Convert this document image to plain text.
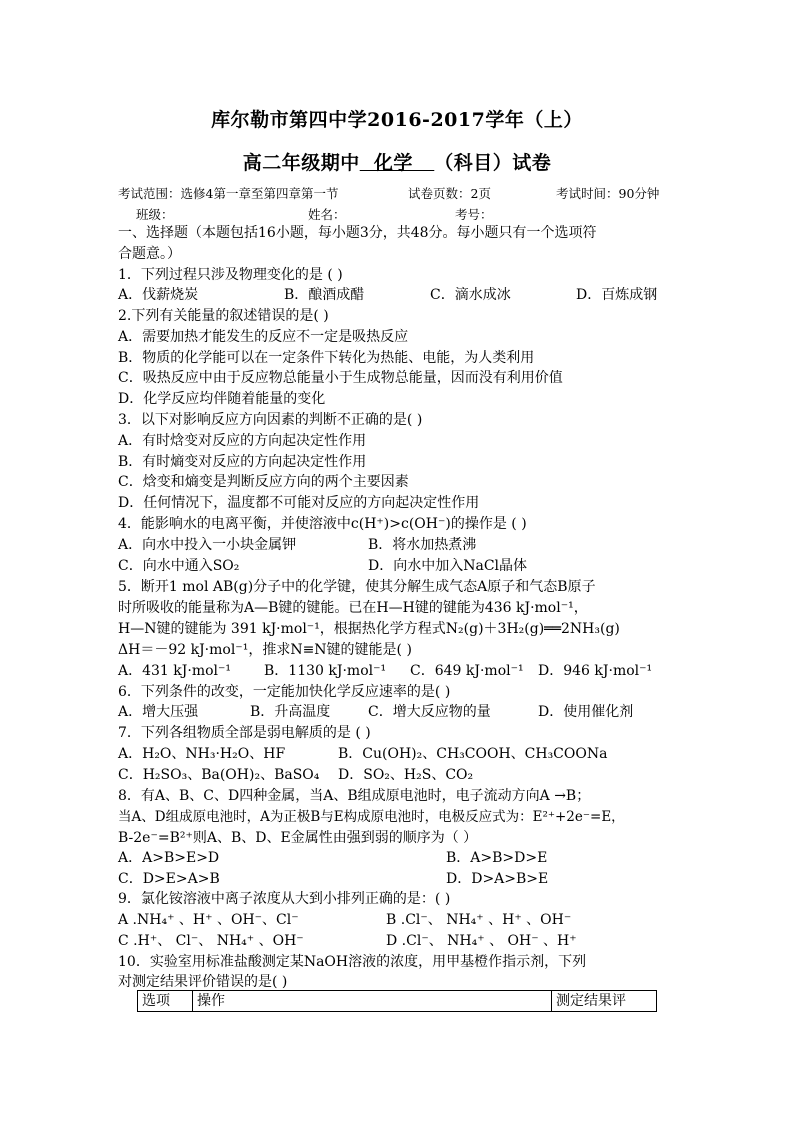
库尔勒市第四中学2016-2017学年（上）
高二年级期中  化学   （科目）试卷
考试范围：选修4第一章至第四章第一节	试卷页数：2页	考试时间：90分钟
班级：	姓名：	考号：
一、选择题（本题包括16小题，每小题3分，共48分。每小题只有一个选项符
合题意。）
1．下列过程只涉及物理变化的是 ( )
A．伐薪烧炭	B．酿酒成醋	C．滴水成冰	D．百炼成钢
2.下列有关能量的叙述错误的是( )
A．需要加热才能发生的反应不一定是吸热反应
B．物质的化学能可以在一定条件下转化为热能、电能，为人类利用
C．吸热反应中由于反应物总能量小于生成物总能量，因而没有利用价值
D．化学反应均伴随着能量的变化
3．以下对影响反应方向因素的判断不正确的是( )
A．有时焓变对反应的方向起决定性作用
B．有时熵变对反应的方向起决定性作用
C．焓变和熵变是判断反应方向的两个主要因素
D．任何情况下，温度都不可能对反应的方向起决定性作用
4．能影响水的电离平衡，并使溶液中c(H⁺)>c(OH⁻)的操作是 ( )
A．向水中投入一小块金属钾	B．将水加热煮沸
C．向水中通入SO₂	D．向水中加入NaCl晶体
5．断开1 mol AB(g)分子中的化学键，使其分解生成气态A原子和气态B原子
时所吸收的能量称为A—B键的键能。已在H—H键的键能为436 kJ·mol⁻¹，
H—N键的键能为 391 kJ·mol⁻¹，根据热化学方程式N₂(g)＋3H₂(g)══2NH₃(g)
ΔH＝－92 kJ·mol⁻¹，推求N≡N键的键能是( )
A．431 kJ·mol⁻¹ B．1130 kJ·mol⁻¹ C．649 kJ·mol⁻¹ D．946 kJ·mol⁻¹
6．下列条件的改变，一定能加快化学反应速率的是( )
A．增大压强	B．升高温度	C．增大反应物的量	D．使用催化剂
7．下列各组物质全部是弱电解质的是 ( )
A．H₂O、NH₃·H₂O、HF	B．Cu(OH)₂、CH₃COOH、CH₃COONa
C．H₂SO₃、Ba(OH)₂、BaSO₄ D．SO₂、H₂S、CO₂
8．有A、B、C、D四种金属，当A、B组成原电池时，电子流动方向A →B；
当A、D组成原电池时，A为正极B与E构成原电池时，电极反应式为：E²⁺+2e⁻=E，
B-2e⁻=B²⁺则A、B、D、E金属性由强到弱的顺序为（ ）
A．A>B>E>D	B．A>B>D>E
C．D>E>A>B	D．D>A>B>E
9．氯化铵溶液中离子浓度从大到小排列正确的是：( )
A .NH₄⁺ 、H⁺ 、OH⁻、Cl⁻	B .Cl⁻、 NH₄⁺ 、H⁺ 、OH⁻
C .H⁺、 Cl⁻、 NH₄⁺ 、OH⁻	D .Cl⁻、 NH₄⁺ 、 OH⁻ 、H⁺
10．实验室用标准盐酸测定某NaOH溶液的浓度，用甲基橙作指示剂，下列
对测定结果评价错误的是( )
选项	操作	测定结果评
